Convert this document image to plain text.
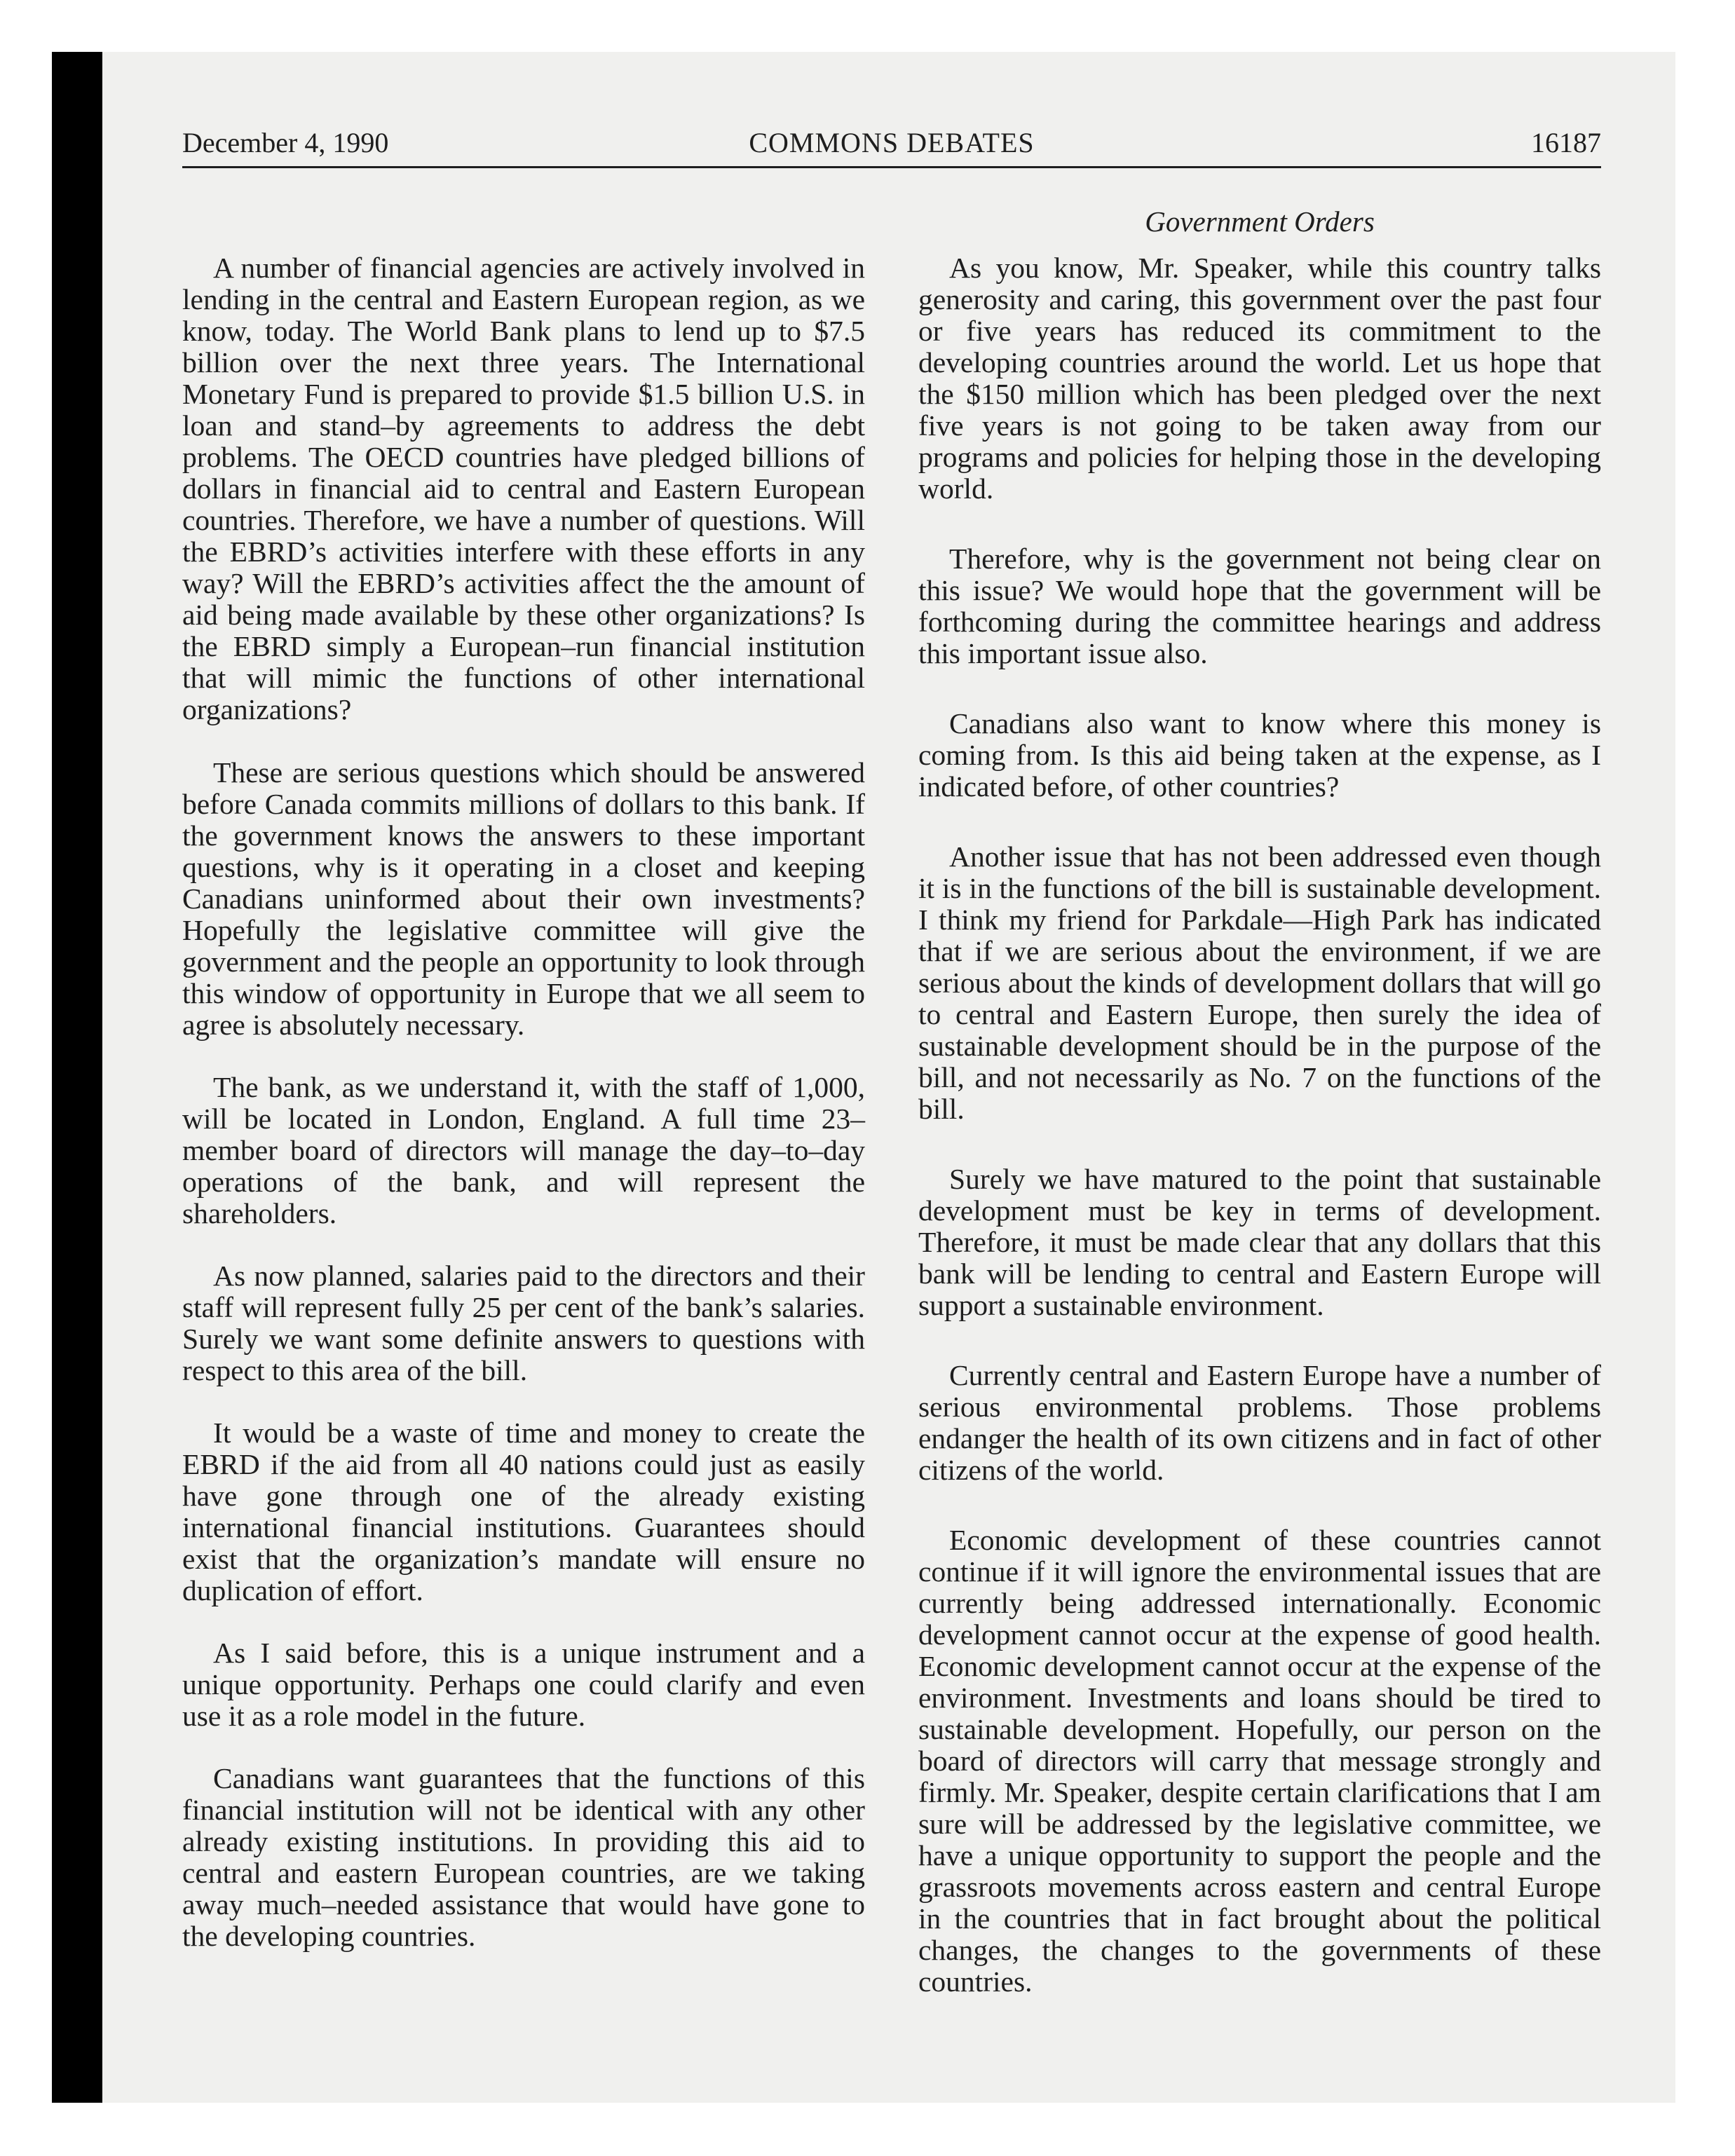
December 4, 1990	COMMONS DEBATES	16187
Government Orders

A number of financial agencies are actively involved in lending in the central and Eastern European region, as we know, today. The World Bank plans to lend up to $7.5 billion over the next three years. The International Monetary Fund is prepared to provide $1.5 billion U.S. in loan and stand–by agreements to address the debt problems. The OECD countries have pledged billions of dollars in financial aid to central and Eastern European countries. Therefore, we have a number of questions. Will the EBRD’s activities interfere with these efforts in any way? Will the EBRD’s activities affect the the amount of aid being made available by these other organizations? Is the EBRD simply a European–run financial institution that will mimic the functions of other international organizations?

These are serious questions which should be answered before Canada commits millions of dollars to this bank. If the government knows the answers to these important questions, why is it operating in a closet and keeping Canadians uninformed about their own investments? Hopefully the legislative committee will give the government and the people an opportunity to look through this window of opportunity in Europe that we all seem to agree is absolutely necessary.

The bank, as we understand it, with the staff of 1,000, will be located in London, England. A full time 23–member board of directors will manage the day–to–day operations of the bank, and will represent the shareholders.

As now planned, salaries paid to the directors and their staff will represent fully 25 per cent of the bank’s salaries. Surely we want some definite answers to questions with respect to this area of the bill.

It would be a waste of time and money to create the EBRD if the aid from all 40 nations could just as easily have gone through one of the already existing international financial institutions. Guarantees should exist that the organization’s mandate will ensure no duplication of effort.

As I said before, this is a unique instrument and a unique opportunity. Perhaps one could clarify and even use it as a role model in the future.

Canadians want guarantees that the functions of this financial institution will not be identical with any other already existing institutions. In providing this aid to central and eastern European countries, are we taking away much–needed assistance that would have gone to the developing countries.

As you know, Mr. Speaker, while this country talks generosity and caring, this government over the past four or five years has reduced its commitment to the developing countries around the world. Let us hope that the $150 million which has been pledged over the next five years is not going to be taken away from our programs and policies for helping those in the developing world.

Therefore, why is the government not being clear on this issue? We would hope that the government will be forthcoming during the committee hearings and address this important issue also.

Canadians also want to know where this money is coming from. Is this aid being taken at the expense, as I indicated before, of other countries?

Another issue that has not been addressed even though it is in the functions of the bill is sustainable development. I think my friend for Parkdale—High Park has indicated that if we are serious about the environment, if we are serious about the kinds of development dollars that will go to central and Eastern Europe, then surely the idea of sustainable development should be in the purpose of the bill, and not necessarily as No. 7 on the functions of the bill.

Surely we have matured to the point that sustainable development must be key in terms of development. Therefore, it must be made clear that any dollars that this bank will be lending to central and Eastern Europe will support a sustainable environment.

Currently central and Eastern Europe have a number of serious environmental problems. Those problems endanger the health of its own citizens and in fact of other citizens of the world.

Economic development of these countries cannot continue if it will ignore the environmental issues that are currently being addressed internationally. Economic development cannot occur at the expense of good health. Economic development cannot occur at the expense of the environment. Investments and loans should be tired to sustainable development. Hopefully, our person on the board of directors will carry that message strongly and firmly. Mr. Speaker, despite certain clarifications that I am sure will be addressed by the legislative committee, we have a unique opportunity to support the people and the grassroots movements across eastern and central Europe in the countries that in fact brought about the political changes, the changes to the governments of these countries.
